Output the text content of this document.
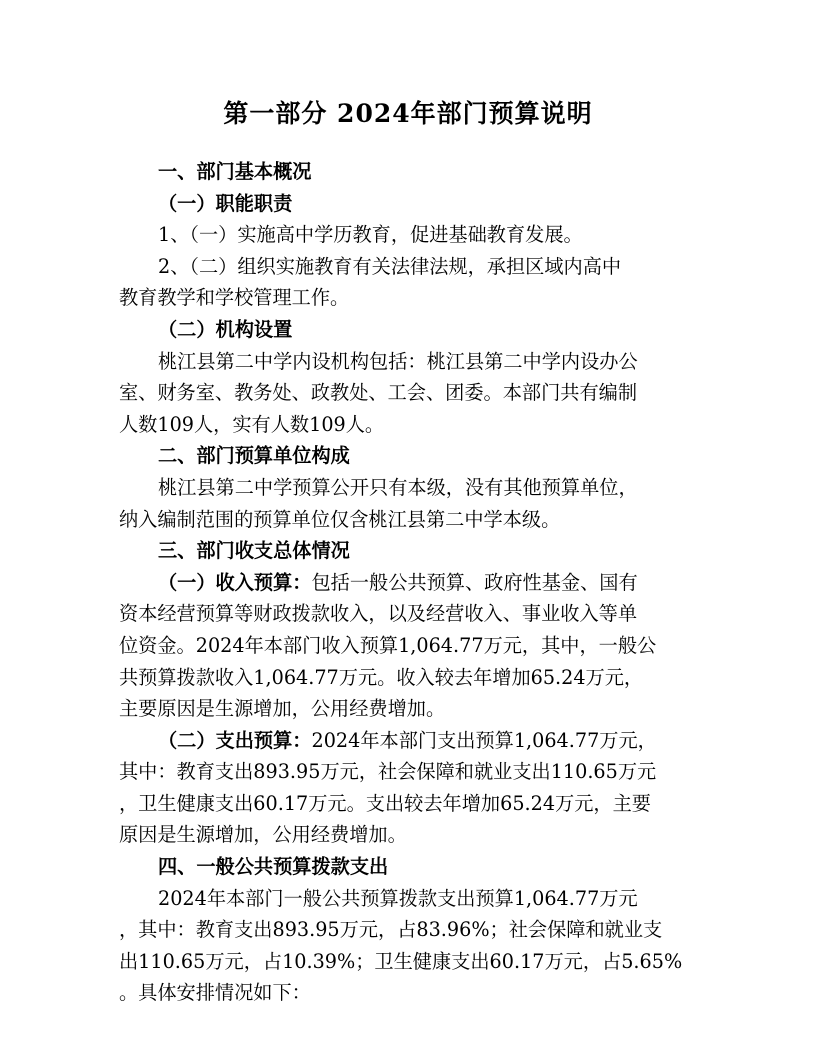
第一部分 2024年部门预算说明
一、部门基本概况
（一）职能职责
1、（一）实施高中学历教育，促进基础教育发展。
2、（二）组织实施教育有关法律法规，承担区域内高中
教育教学和学校管理工作。
（二）机构设置
桃江县第二中学内设机构包括：桃江县第二中学内设办公
室、财务室、教务处、政教处、工会、团委。本部门共有编制
人数109人，实有人数109人。
二、部门预算单位构成
桃江县第二中学预算公开只有本级，没有其他预算单位，
纳入编制范围的预算单位仅含桃江县第二中学本级。
三、部门收支总体情况
（一）收入预算：包括一般公共预算、政府性基金、国有
资本经营预算等财政拨款收入，以及经营收入、事业收入等单
位资金。2024年本部门收入预算1,064.77万元，其中，一般公
共预算拨款收入1,064.77万元。收入较去年增加65.24万元，
主要原因是生源增加，公用经费增加。
（二）支出预算：2024年本部门支出预算1,064.77万元，
其中：教育支出893.95万元，社会保障和就业支出110.65万元
，卫生健康支出60.17万元。支出较去年增加65.24万元，主要
原因是生源增加，公用经费增加。
四、一般公共预算拨款支出
2024年本部门一般公共预算拨款支出预算1,064.77万元
，其中：教育支出893.95万元，占83.96%；社会保障和就业支
出110.65万元，占10.39%；卫生健康支出60.17万元，占5.65%
。具体安排情况如下：
